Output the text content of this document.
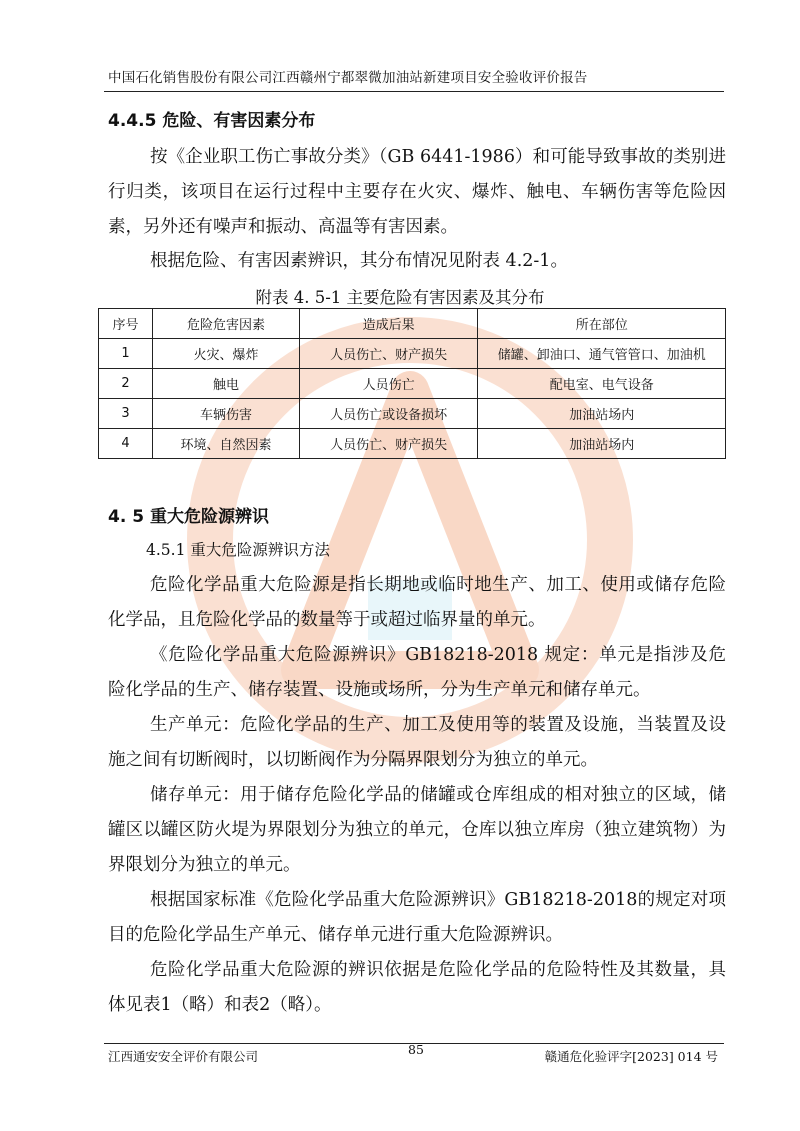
中国石化销售股份有限公司江西赣州宁都翠微加油站新建项目安全验收评价报告
4.4.5 危险、有害因素分布
按《企业职工伤亡事故分类》（GB 6441-1986）和可能导致事故的类别进行归类，该项目在运行过程中主要存在火灾、爆炸、触电、车辆伤害等危险因素，另外还有噪声和振动、高温等有害因素。
根据危险、有害因素辨识，其分布情况见附表 4.2-1。
附表 4. 5-1 主要危险有害因素及其分布
序号	危险危害因素	造成后果	所在部位
1	火灾、爆炸	人员伤亡、财产损失	储罐、卸油口、通气管管口、加油机
2	触电	人员伤亡	配电室、电气设备
3	车辆伤害	人员伤亡或设备损坏	加油站场内
4	环境、自然因素	人员伤亡、财产损失	加油站场内
4. 5 重大危险源辨识
4.5.1 重大危险源辨识方法
危险化学品重大危险源是指长期地或临时地生产、加工、使用或储存危险化学品，且危险化学品的数量等于或超过临界量的单元。
《危险化学品重大危险源辨识》GB18218-2018 规定：单元是指涉及危险化学品的生产、储存装置、设施或场所，分为生产单元和储存单元。
生产单元：危险化学品的生产、加工及使用等的装置及设施，当装置及设施之间有切断阀时，以切断阀作为分隔界限划分为独立的单元。
储存单元：用于储存危险化学品的储罐或仓库组成的相对独立的区域，储罐区以罐区防火堤为界限划分为独立的单元，仓库以独立库房（独立建筑物）为界限划分为独立的单元。
根据国家标准《危险化学品重大危险源辨识》GB18218-2018的规定对项目的危险化学品生产单元、储存单元进行重大危险源辨识。
危险化学品重大危险源的辨识依据是危险化学品的危险特性及其数量，具体见表1（略）和表2（略）。
江西通安安全评价有限公司	85	赣通危化验评字[2023] 014 号
